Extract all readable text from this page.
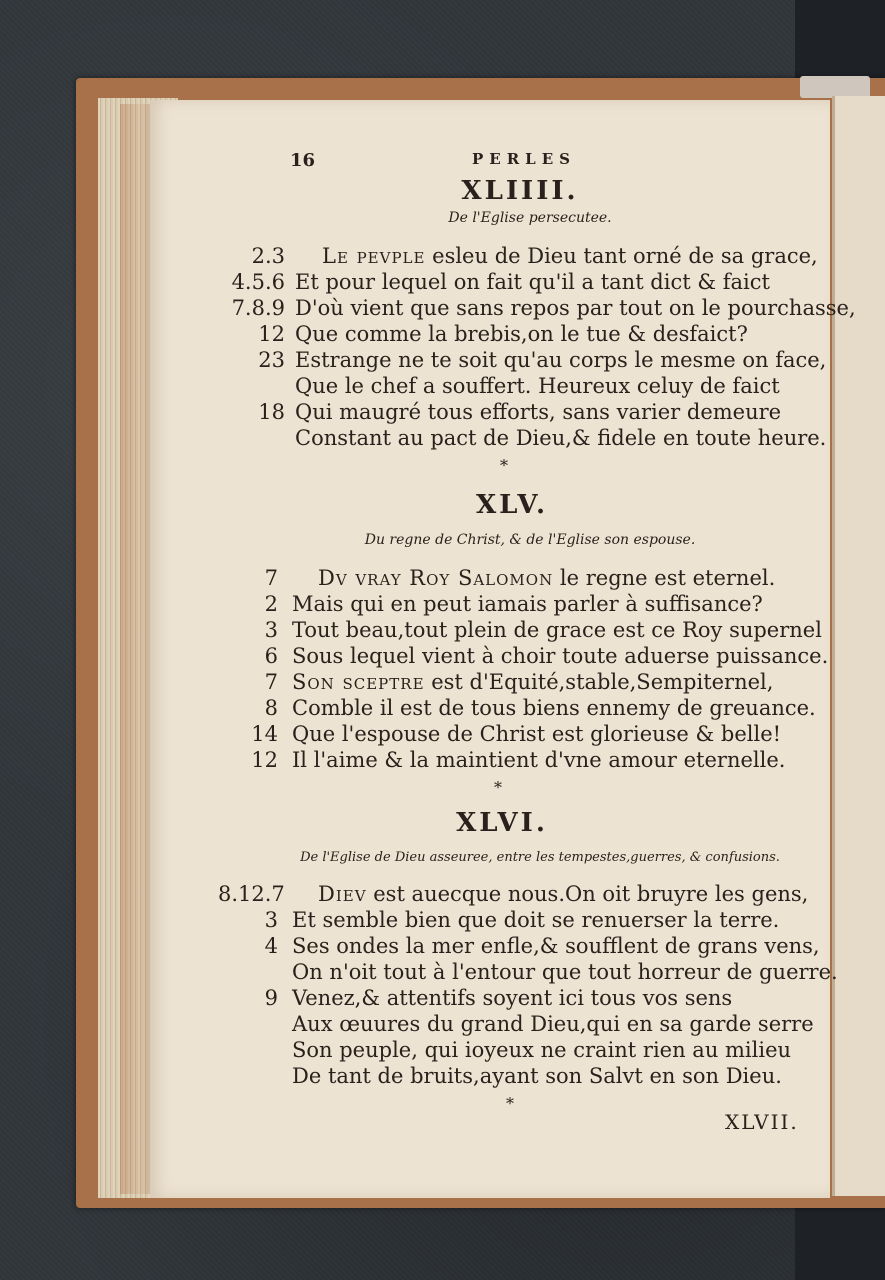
16	PERLES
XLIIII.
De l'Eglise persecutee.
2.3 Le pevple esleu de Dieu tant orné de sa grace,
4.5.6 Et pour lequel on fait qu'il a tant dict & faict
7.8.9 D'où vient que sans repos par tout on le pourchasse,
12 Que comme la brebis,on le tue & desfaict?
23 Estrange ne te soit qu'au corps le mesme on face,
Que le chef a souffert. Heureux celuy de faict
18 Qui maugré tous efforts, sans varier demeure
Constant au pact de Dieu,& fidele en toute heure.
*
XLV.
Du regne de Christ, & de l'Eglise son espouse.
7 Dv vray Roy Salomon le regne est eternel.
2 Mais qui en peut iamais parler à suffisance?
3 Tout beau,tout plein de grace est ce Roy supernel
6 Sous lequel vient à choir toute aduerse puissance.
7 Son sceptre est d'Equité,stable,Sempiternel,
8 Comble il est de tous biens ennemy de greuance.
14 Que l'espouse de Christ est glorieuse & belle!
12 Il l'aime & la maintient d'vne amour eternelle.
*
XLVI.
De l'Eglise de Dieu asseuree, entre les tempestes,guerres, & confusions.
8.12.7 Diev est auecque nous.On oit bruyre les gens,
3 Et semble bien que doit se renuerser la terre.
4 Ses ondes la mer enfle,& soufflent de grans vens,
On n'oit tout à l'entour que tout horreur de guerre.
9 Venez,& attentifs soyent ici tous vos sens
Aux œuures du grand Dieu,qui en sa garde serre
Son peuple, qui ioyeux ne craint rien au milieu
De tant de bruits,ayant son Salvt en son Dieu.
*
XLVII.
